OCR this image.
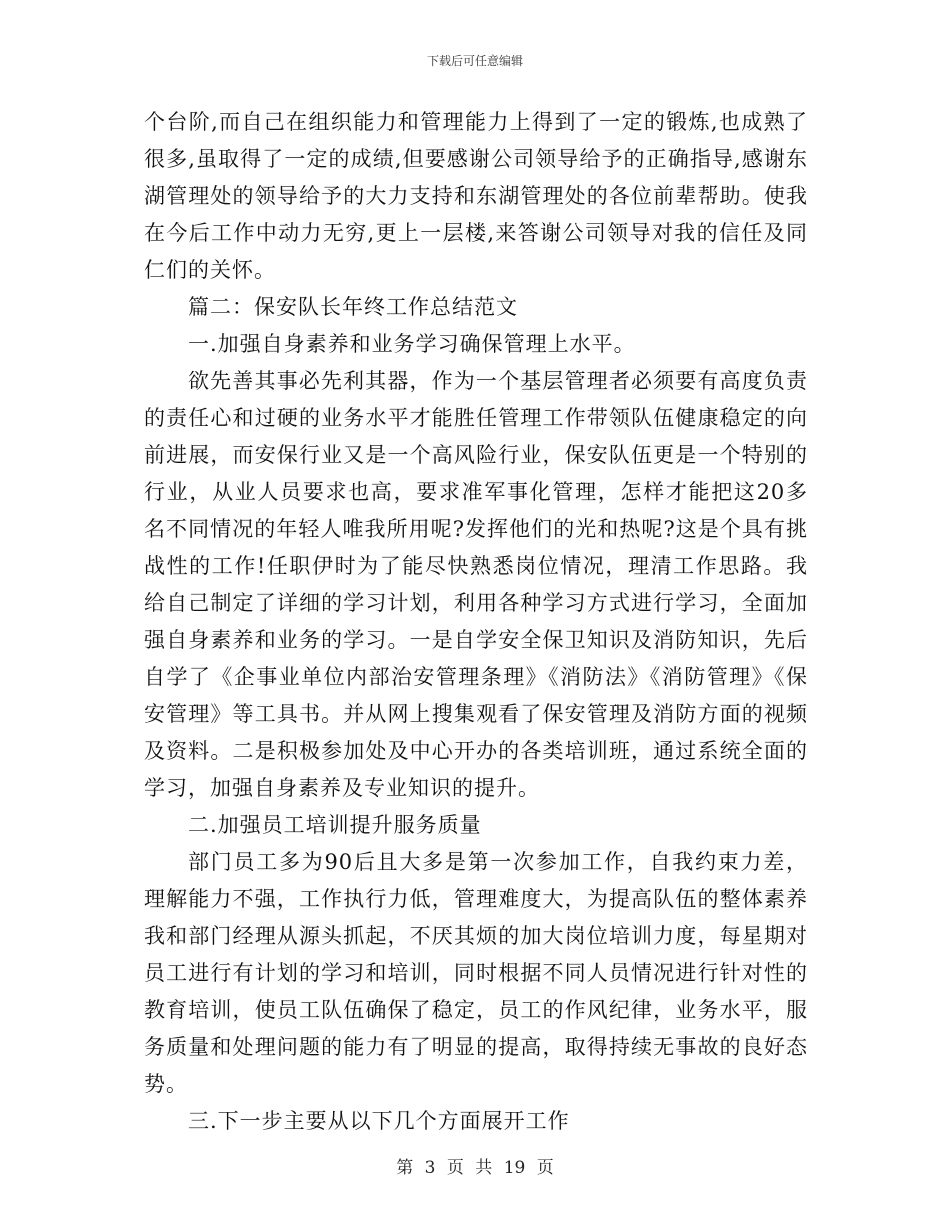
下载后可任意编辑

个台阶,而自己在组织能力和管理能力上得到了一定的锻炼,也成熟了很多,虽取得了一定的成绩,但要感谢公司领导给予的正确指导,感谢东湖管理处的领导给予的大力支持和东湖管理处的各位前辈帮助。使我在今后工作中动力无穷,更上一层楼,来答谢公司领导对我的信任及同仁们的关怀。

篇二：保安队长年终工作总结范文

一.加强自身素养和业务学习确保管理上水平。

欲先善其事必先利其器，作为一个基层管理者必须要有高度负责的责任心和过硬的业务水平才能胜任管理工作带领队伍健康稳定的向前进展，而安保行业又是一个高风险行业，保安队伍更是一个特别的行业，从业人员要求也高，要求准军事化管理，怎样才能把这20多名不同情况的年轻人唯我所用呢?发挥他们的光和热呢?这是个具有挑战性的工作!任职伊时为了能尽快熟悉岗位情况，理清工作思路。我给自己制定了详细的学习计划，利用各种学习方式进行学习，全面加强自身素养和业务的学习。一是自学安全保卫知识及消防知识，先后自学了《企事业单位内部治安管理条理》《消防法》《消防管理》《保安管理》等工具书。并从网上搜集观看了保安管理及消防方面的视频及资料。二是积极参加处及中心开办的各类培训班，通过系统全面的学习，加强自身素养及专业知识的提升。

二.加强员工培训提升服务质量

部门员工多为90后且大多是第一次参加工作，自我约束力差，理解能力不强，工作执行力低，管理难度大，为提高队伍的整体素养我和部门经理从源头抓起，不厌其烦的加大岗位培训力度，每星期对员工进行有计划的学习和培训，同时根据不同人员情况进行针对性的教育培训，使员工队伍确保了稳定，员工的作风纪律，业务水平，服务质量和处理问题的能力有了明显的提高，取得持续无事故的良好态势。

三.下一步主要从以下几个方面展开工作

第 3 页 共 19 页
